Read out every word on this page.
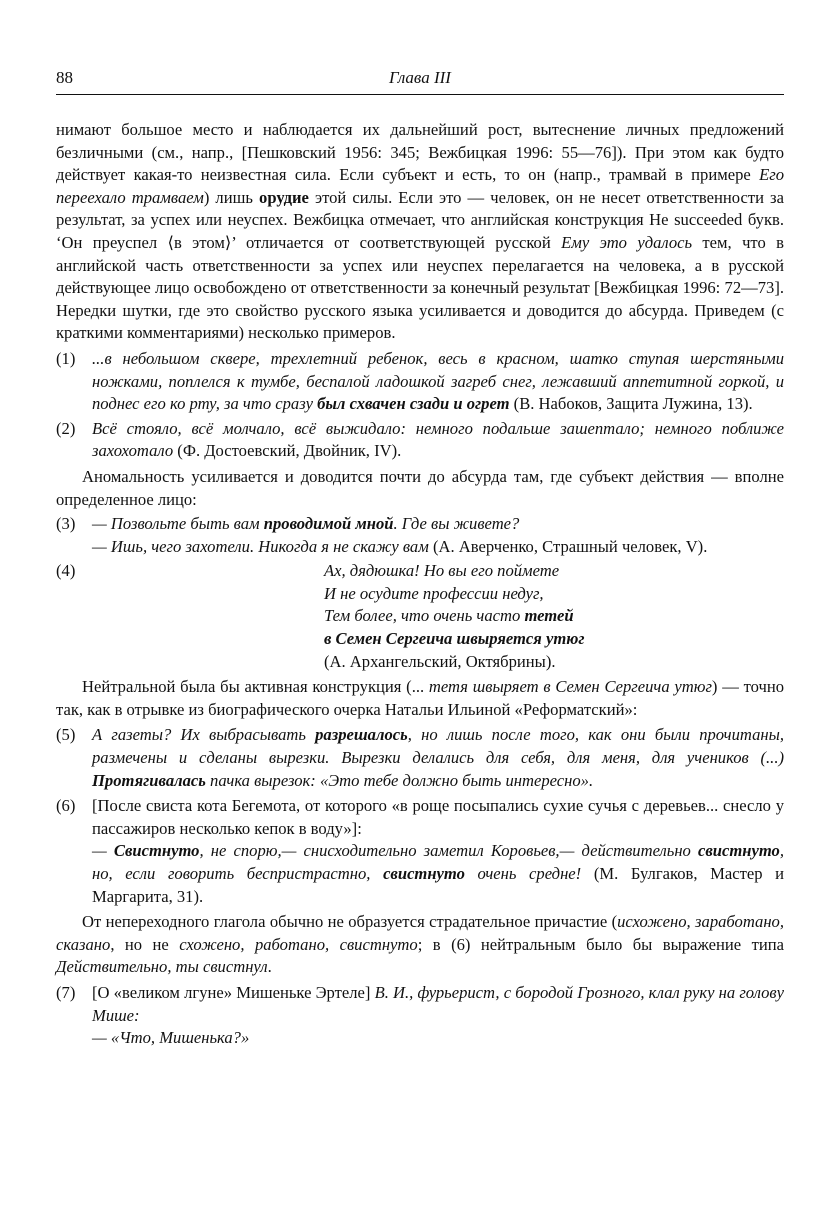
88	Глава III

нимают большое место и наблюдается их дальнейший рост, вытеснение личных предложений безличными (см., напр., [Пешковский 1956: 345; Вежбицкая 1996: 55—76]). При этом как будто действует какая-то неизвестная сила. Если субъект и есть, то он (напр., трамвай в примере Его переехало трамваем) лишь орудие этой силы. Если это — человек, он не несет ответственности за результат, за успех или неуспех. Вежбицка отмечает, что английская конструкция He succeeded букв. ‘Он преуспел ⟨в этом⟩’ отличается от соответствующей русской Ему это удалось тем, что в английской часть ответственности за успех или неуспех перелагается на человека, а в русской действующее лицо освобождено от ответственности за конечный результат [Вежбицкая 1996: 72—73]. Нередки шутки, где это свойство русского языка усиливается и доводится до абсурда. Приведем (с краткими комментариями) несколько примеров.

(1)	...в небольшом сквере, трехлетний ребенок, весь в красном, шатко ступая шерстяными ножками, поплелся к тумбе, беспалой ладошкой загреб снег, лежавший аппетитной горкой, и поднес его ко рту, за что сразу был схвачен сзади и огрет (В. Набоков, Защита Лужина, 13).
(2)	Всё стояло, всё молчало, всё выжидало: немного подальше зашептало; немного поближе захохотало (Ф. Достоевский, Двойник, IV).

Аномальность усиливается и доводится почти до абсурда там, где субъект действия — вполне определенное лицо:

(3)	— Позвольте быть вам проводимой мной. Где вы живете?
— Ишь, чего захотели. Никогда я не скажу вам (А. Аверченко, Страшный человек, V).
(4)	Ах, дядюшка! Но вы его поймете
И не осудите профессии недуг,
Тем более, что очень часто тетей
в Семен Сергеича швыряется утюг
(А. Архангельский, Октябрины).

Нейтральной была бы активная конструкция (... тетя швыряет в Семен Сергеича утюг) — точно так, как в отрывке из биографического очерка Натальи Ильиной «Реформатский»:

(5)	А газеты? Их выбрасывать разрешалось, но лишь после того, как они были прочитаны, размечены и сделаны вырезки. Вырезки делались для себя, для меня, для учеников (...) Протягивалась пачка вырезок: «Это тебе должно быть интересно».
(6)	[После свиста кота Бегемота, от которого «в роще посыпались сухие сучья с деревьев... снесло у пассажиров несколько кепок в воду»]:
— Свистнуто, не спорю,— снисходительно заметил Коровьев,— действительно свистнуто, но, если говорить беспристрастно, свистнуто очень средне! (М. Булгаков, Мастер и Маргарита, 31).

От непереходного глагола обычно не образуется страдательное причастие (исхожено, заработано, сказано, но не схожено, работано, свистнуто; в (6) нейтральным было бы выражение типа Действительно, ты свистнул.

(7)	[О «великом лгуне» Мишеньке Эртеле] В. И., фурьерист, с бородой Грозного, клал руку на голову Мише:
— «Что, Мишенька?»
